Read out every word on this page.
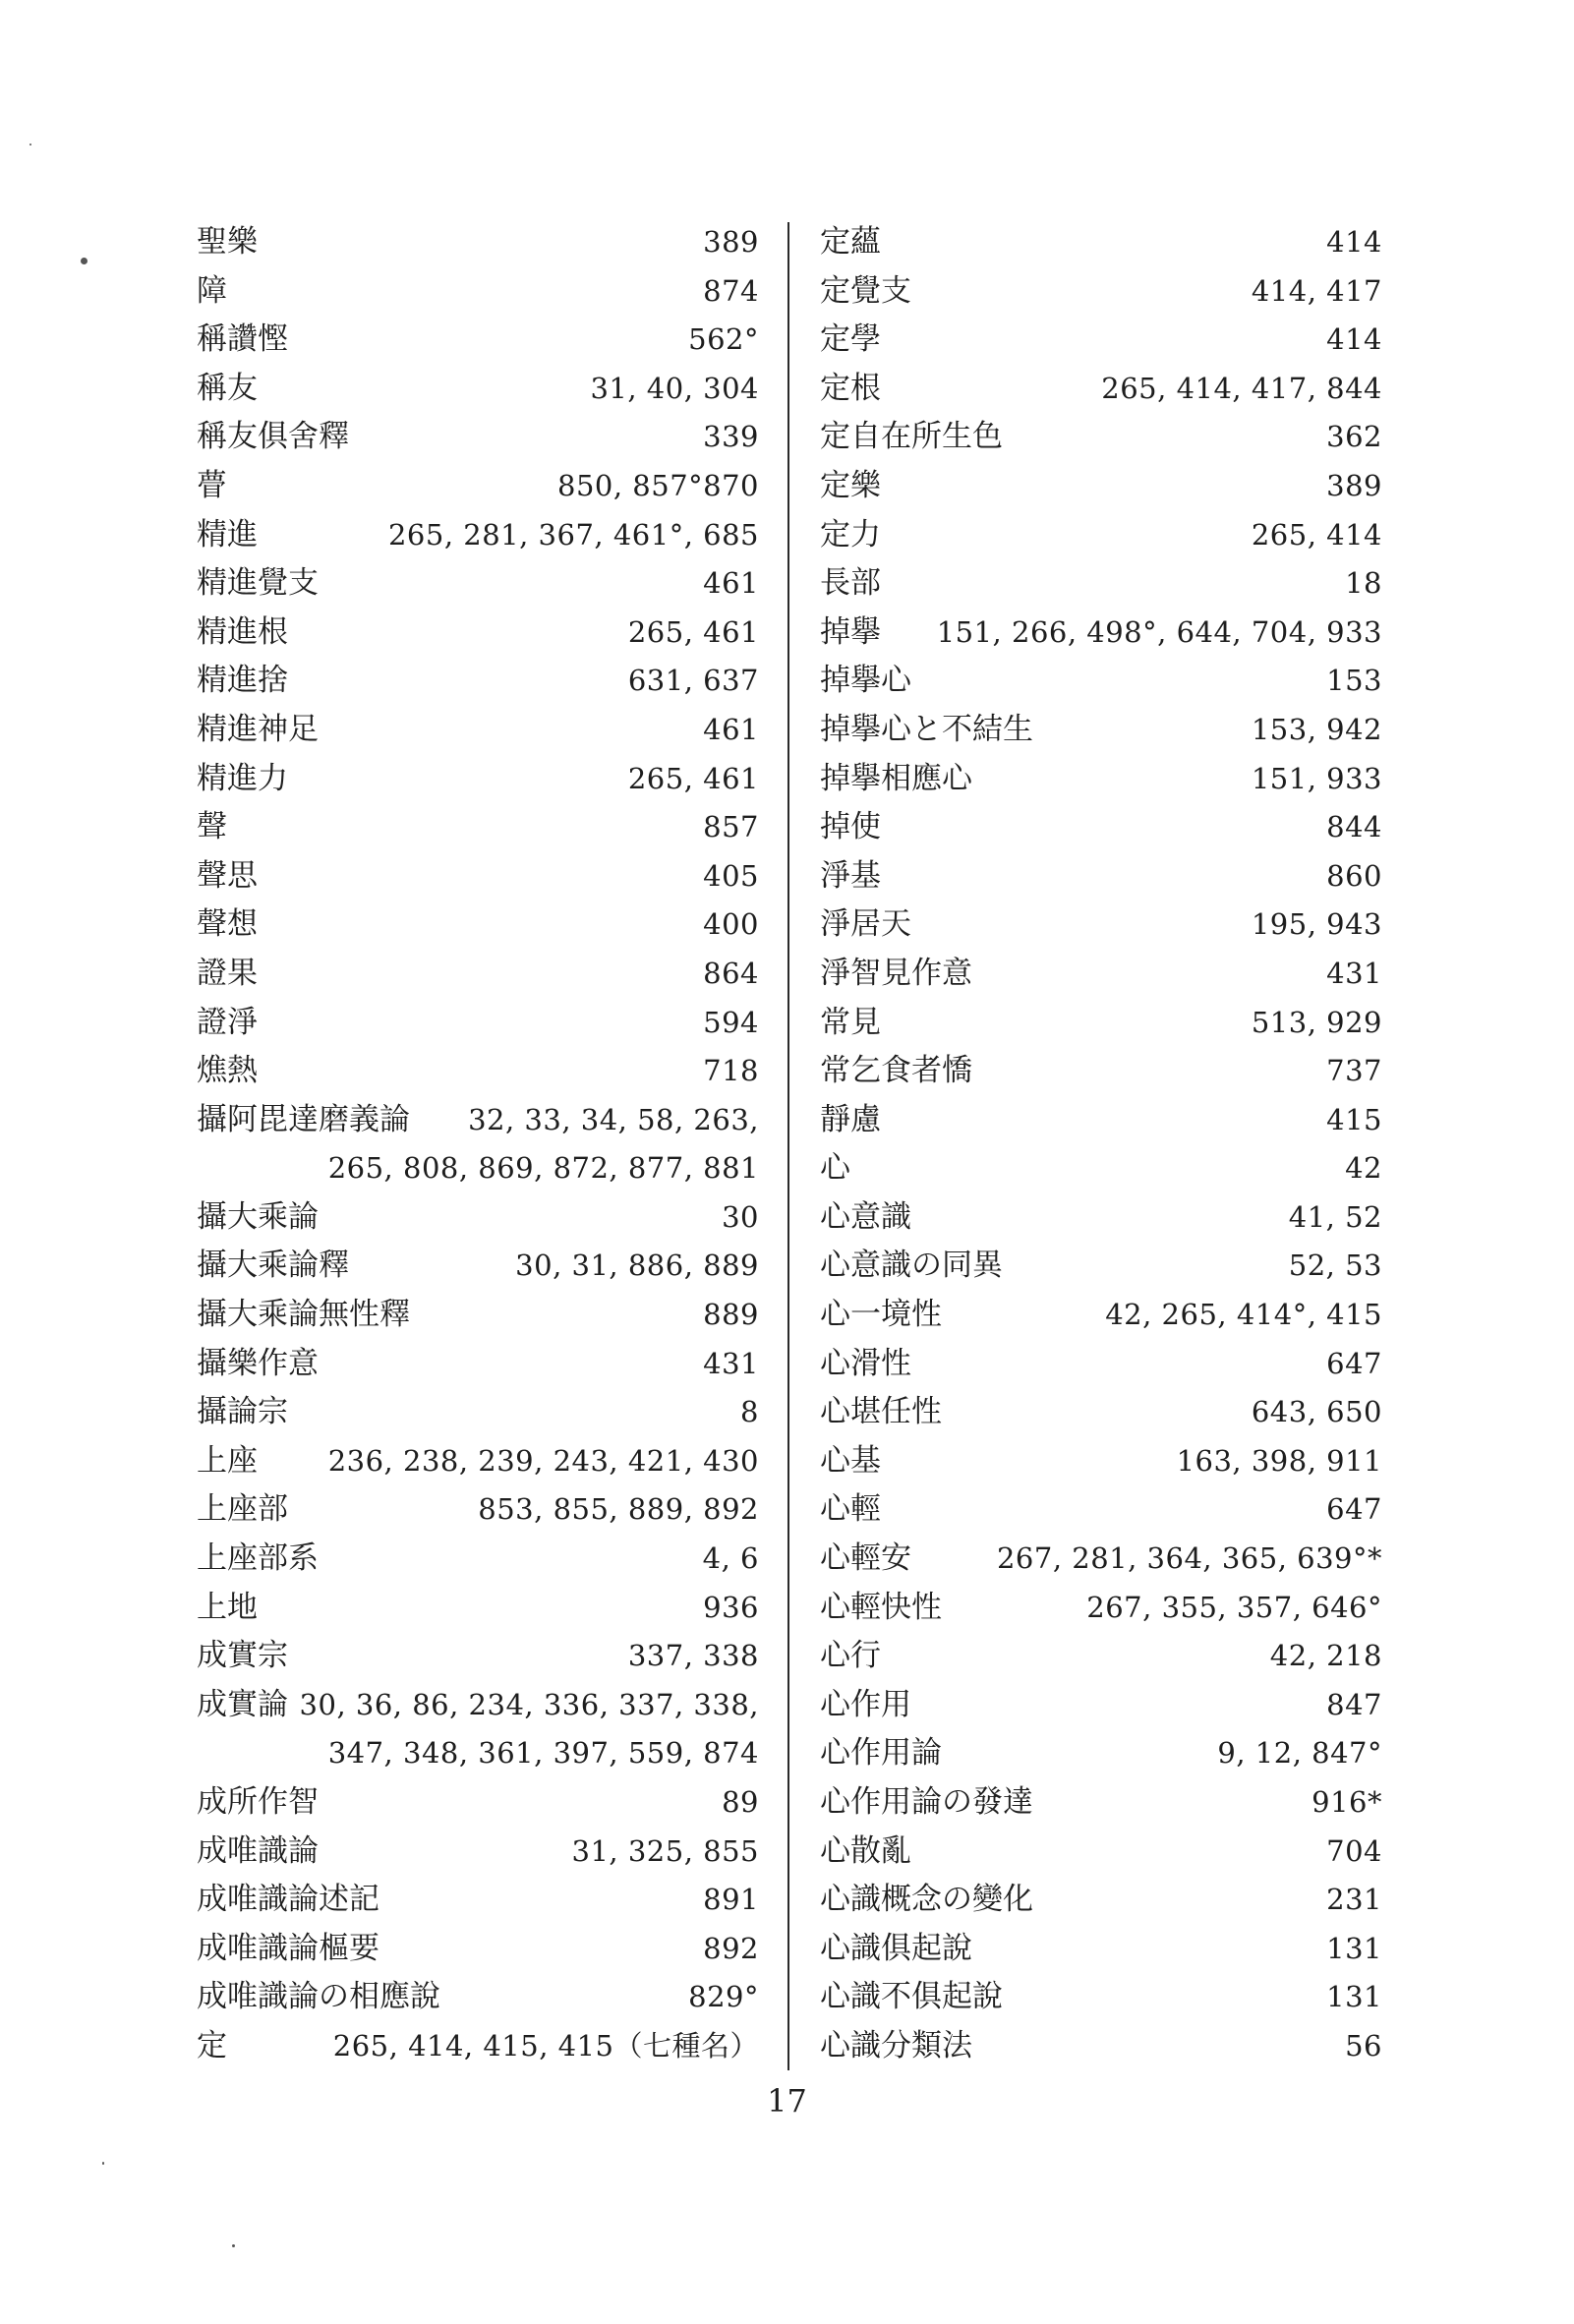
聖樂	389
障	874
稱讚慳	562°
稱友	31, 40, 304
稱友俱舍釋	339
瞢	850, 857°870
精進	265, 281, 367, 461°, 685
精進覺支	461
精進根	265, 461
精進捨	631, 637
精進神足	461
精進力	265, 461
聲	857
聲思	405
聲想	400
證果	864
證淨	594
燋熱	718
攝阿毘達磨義論 32, 33, 34, 58, 263,
265, 808, 869, 872, 877, 881
攝大乘論	30
攝大乘論釋	30, 31, 886, 889
攝大乘論無性釋	889
攝樂作意	431
攝論宗	8
上座 236, 238, 239, 243, 421, 430
上座部	853, 855, 889, 892
上座部系	4, 6
上地	936
成實宗	337, 338
成實論 30, 36, 86, 234, 336, 337, 338,
347, 348, 361, 397, 559, 874
成所作智	89
成唯識論	31, 325, 855
成唯識論述記	891
成唯識論樞要	892
成唯識論の相應說	829°
定	265, 414, 415, 415（七種名）
定蘊	414
定覺支	414, 417
定學	414
定根	265, 414, 417, 844
定自在所生色	362
定樂	389
定力	265, 414
長部	18
掉擧 151, 266, 498°, 644, 704, 933
掉擧心	153
掉擧心と不結生	153, 942
掉擧相應心	151, 933
掉使	844
淨基	860
淨居天	195, 943
淨智見作意	431
常見	513, 929
常乞食者憍	737
靜慮	415
心	42
心意識	41, 52
心意識の同異	52, 53
心一境性	42, 265, 414°, 415
心滑性	647
心堪任性	643, 650
心基	163, 398, 911
心輕	647
心輕安	267, 281, 364, 365, 639°*
心輕快性	267, 355, 357, 646°
心行	42, 218
心作用	847
心作用論	9, 12, 847°
心作用論の發達	916*
心散亂	704
心識概念の變化	231
心識俱起說	131
心識不俱起說	131
心識分類法	56
17
